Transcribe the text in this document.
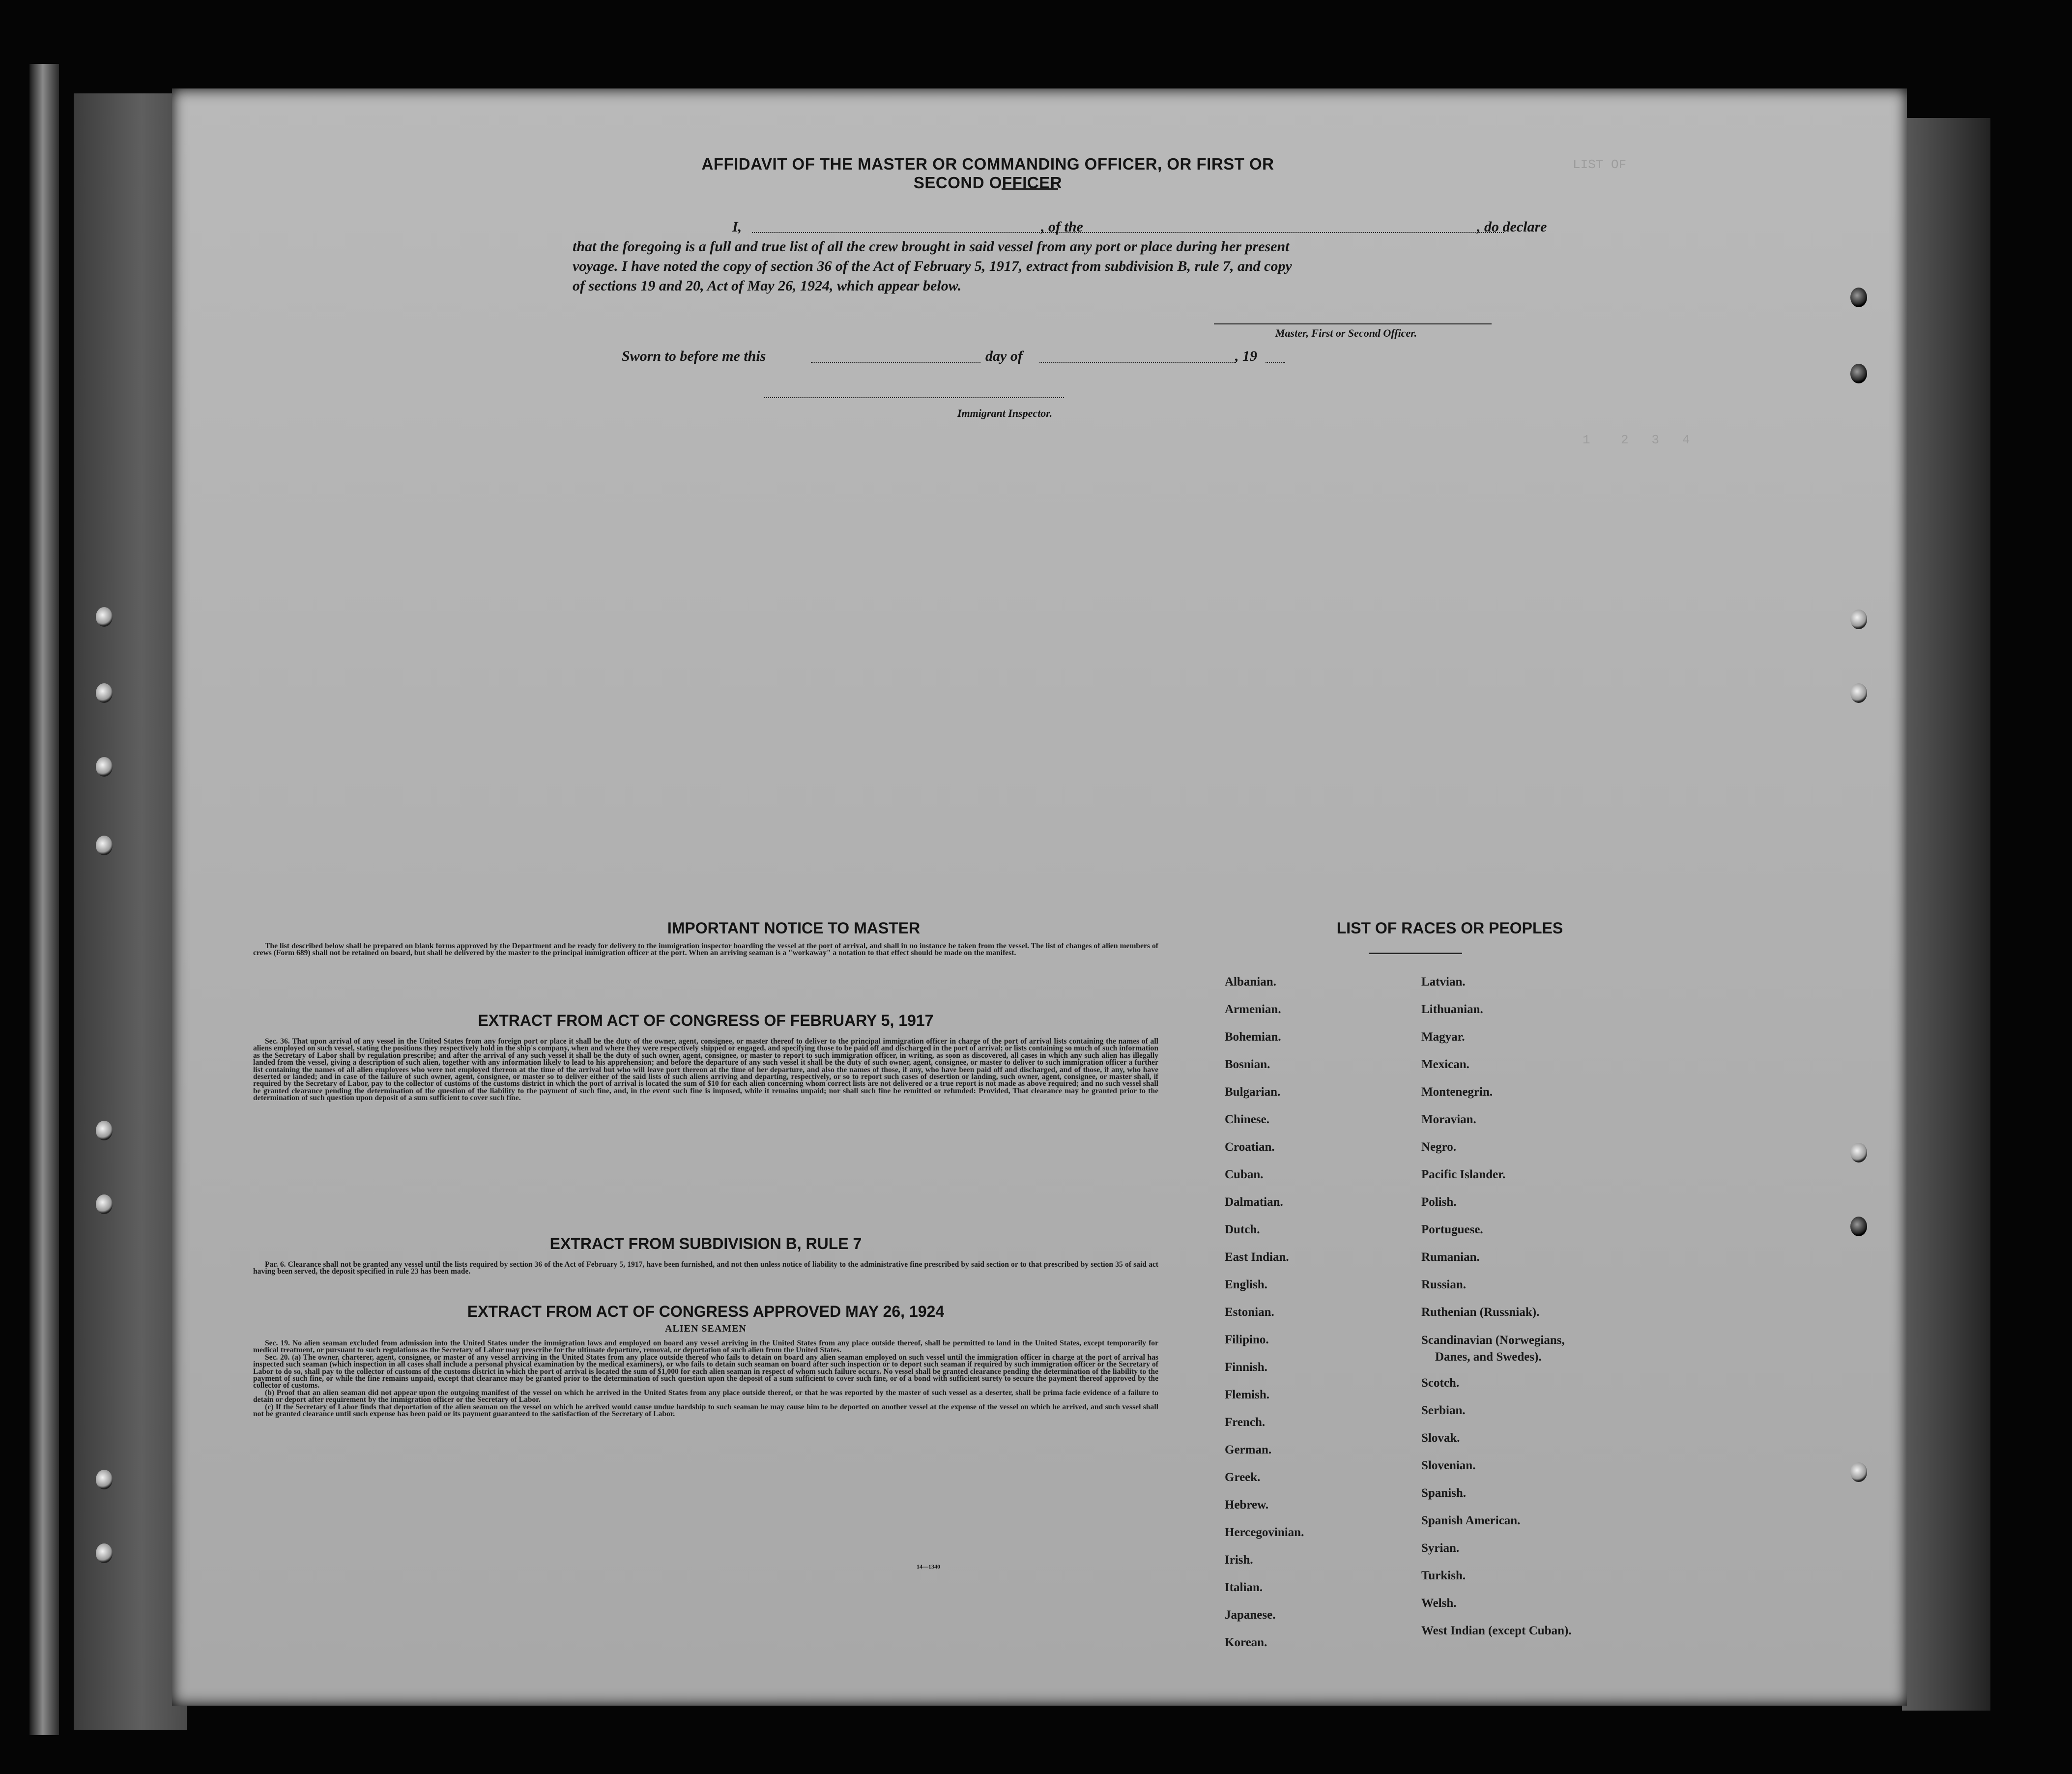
LIST OF
1    2   3   4
AFFIDAVIT OF THE MASTER OR COMMANDING OFFICER, OR FIRST OR SECOND OFFICER
I,	, of the	, do declare
that the foregoing is a full and true list of all the crew brought in said vessel from any port or place during her present
voyage. I have noted the copy of section 36 of the Act of February 5, 1917, extract from subdivision B, rule 7, and copy
of sections 19 and 20, Act of May 26, 1924, which appear below.
Master, First or Second Officer.
Sworn to before me this	day of	, 19
Immigrant Inspector.
IMPORTANT NOTICE TO MASTER

The list described below shall be prepared on blank forms approved by the Department and be ready for delivery to the immigration inspector boarding the vessel at the port of arrival, and shall in no instance be taken from the vessel. The list of changes of alien members of crews (Form 689) shall not be retained on board, but shall be delivered by the master to the principal immigration officer at the port. When an arriving seaman is a "workaway" a notation to that effect should be made on the manifest.

EXTRACT FROM ACT OF CONGRESS OF FEBRUARY 5, 1917

Sec. 36. That upon arrival of any vessel in the United States from any foreign port or place it shall be the duty of the owner, agent, consignee, or master thereof to deliver to the principal immigration officer in charge of the port of arrival lists containing the names of all aliens employed on such vessel, stating the positions they respectively hold in the ship's company, when and where they were respectively shipped or engaged, and specifying those to be paid off and discharged in the port of arrival; or lists containing so much of such information as the Secretary of Labor shall by regulation prescribe; and after the arrival of any such vessel it shall be the duty of such owner, agent, consignee, or master to report to such immigration officer, in writing, as soon as discovered, all cases in which any such alien has illegally landed from the vessel, giving a description of such alien, together with any information likely to lead to his apprehension; and before the departure of any such vessel it shall be the duty of such owner, agent, consignee, or master to deliver to such immigration officer a further list containing the names of all alien employees who were not employed thereon at the time of the arrival but who will leave port thereon at the time of her departure, and also the names of those, if any, who have been paid off and discharged, and of those, if any, who have deserted or landed; and in case of the failure of such owner, agent, consignee, or master so to deliver either of the said lists of such aliens arriving and departing, respectively, or so to report such cases of desertion or landing, such owner, agent, consignee, or master shall, if required by the Secretary of Labor, pay to the collector of customs of the customs district in which the port of arrival is located the sum of $10 for each alien concerning whom correct lists are not delivered or a true report is not made as above required; and no such vessel shall be granted clearance pending the determination of the question of the liability to the payment of such fine, and, in the event such fine is imposed, while it remains unpaid; nor shall such fine be remitted or refunded: Provided, That clearance may be granted prior to the determination of such question upon deposit of a sum sufficient to cover such fine.

EXTRACT FROM SUBDIVISION B, RULE 7

Par. 6. Clearance shall not be granted any vessel until the lists required by section 36 of the Act of February 5, 1917, have been furnished, and not then unless notice of liability to the administrative fine prescribed by said section or to that prescribed by section 35 of said act having been served, the deposit specified in rule 23 has been made.

EXTRACT FROM ACT OF CONGRESS APPROVED MAY 26, 1924
ALIEN SEAMEN

Sec. 19. No alien seaman excluded from admission into the United States under the immigration laws and employed on board any vessel arriving in the United States from any place outside thereof, shall be permitted to land in the United States, except temporarily for medical treatment, or pursuant to such regulations as the Secretary of Labor may prescribe for the ultimate departure, removal, or deportation of such alien from the United States.

Sec. 20. (a) The owner, charterer, agent, consignee, or master of any vessel arriving in the United States from any place outside thereof who fails to detain on board any alien seaman employed on such vessel until the immigration officer in charge at the port of arrival has inspected such seaman (which inspection in all cases shall include a personal physical examination by the medical examiners), or who fails to detain such seaman on board after such inspection or to deport such seaman if required by such immigration officer or the Secretary of Labor to do so, shall pay to the collector of customs of the customs district in which the port of arrival is located the sum of $1,000 for each alien seaman in respect of whom such failure occurs. No vessel shall be granted clearance pending the determination of the liability to the payment of such fine, or while the fine remains unpaid, except that clearance may be granted prior to the determination of such question upon the deposit of a sum sufficient to cover such fine, or of a bond with sufficient surety to secure the payment thereof approved by the collector of customs.

(b) Proof that an alien seaman did not appear upon the outgoing manifest of the vessel on which he arrived in the United States from any place outside thereof, or that he was reported by the master of such vessel as a deserter, shall be prima facie evidence of a failure to detain or deport after requirement by the immigration officer or the Secretary of Labor.

(c) If the Secretary of Labor finds that deportation of the alien seaman on the vessel on which he arrived would cause undue hardship to such seaman he may cause him to be deported on another vessel at the expense of the vessel on which he arrived, and such vessel shall not be granted clearance until such expense has been paid or its payment guaranteed to the satisfaction of the Secretary of Labor.

14—1340
LIST OF RACES OR PEOPLES
Albanian.
Armenian.
Bohemian.
Bosnian.
Bulgarian.
Chinese.
Croatian.
Cuban.
Dalmatian.
Dutch.
East Indian.
English.
Estonian.
Filipino.
Finnish.
Flemish.
French.
German.
Greek.
Hebrew.
Hercegovinian.
Irish.
Italian.
Japanese.
Korean.
Latvian.
Lithuanian.
Magyar.
Mexican.
Montenegrin.
Moravian.
Negro.
Pacific Islander.
Polish.
Portuguese.
Rumanian.
Russian.
Ruthenian (Russniak).
Scandinavian (Norwegians,
Danes, and Swedes).
Scotch.
Serbian.
Slovak.
Slovenian.
Spanish.
Spanish American.
Syrian.
Turkish.
Welsh.
West Indian (except Cuban).
